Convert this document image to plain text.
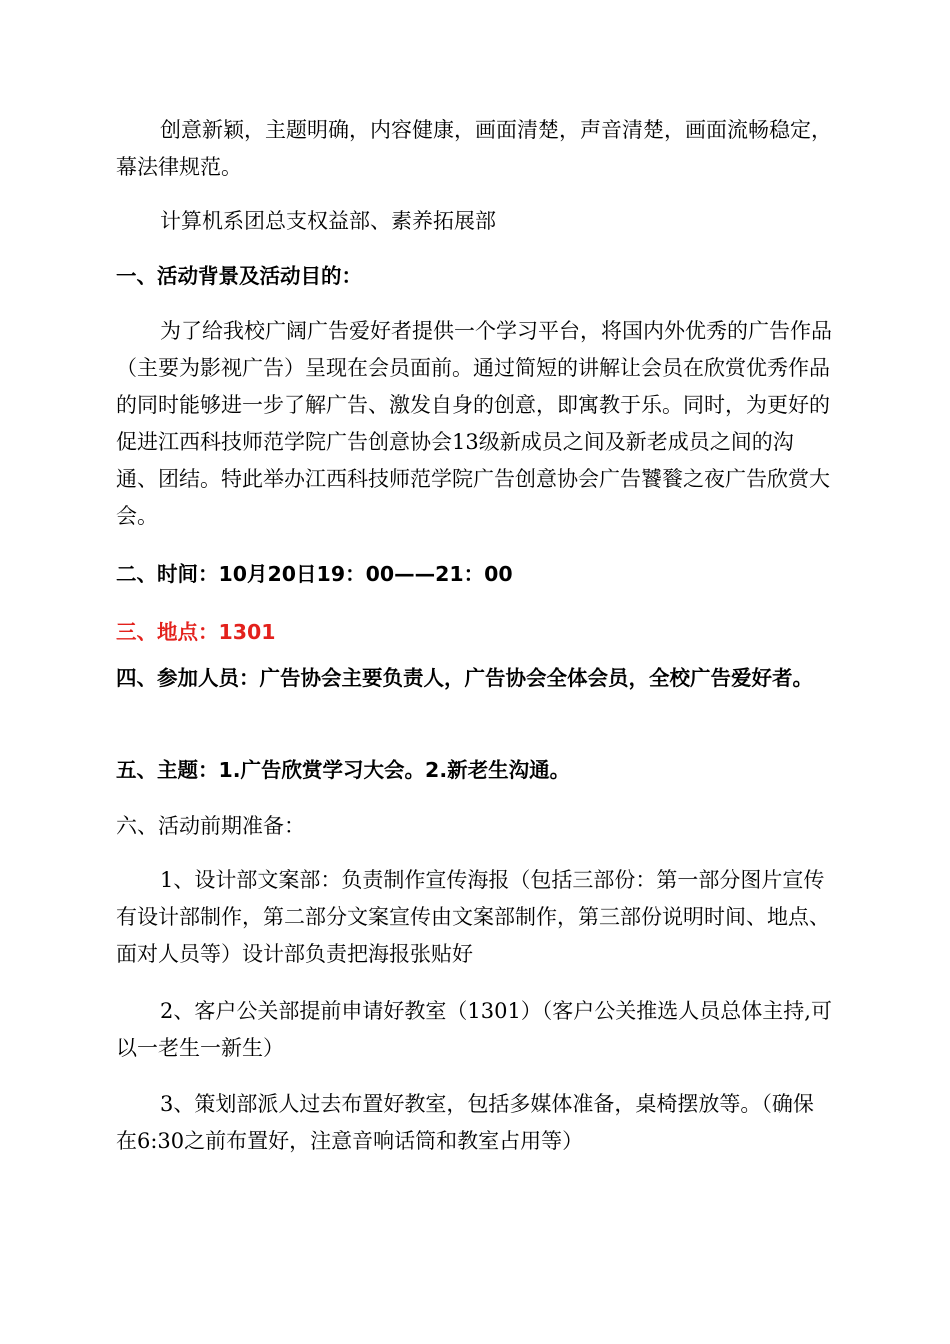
创意新颖，主题明确，内容健康，画面清楚，声音清楚，画面流畅稳定，幕法律规范。

计算机系团总支权益部、素养拓展部

一、活动背景及活动目的：

为了给我校广阔广告爱好者提供一个学习平台，将国内外优秀的广告作品（主要为影视广告）呈现在会员面前。通过简短的讲解让会员在欣赏优秀作品的同时能够进一步了解广告、激发自身的创意，即寓教于乐。同时，为更好的促进江西科技师范学院广告创意协会13级新成员之间及新老成员之间的沟通、团结。特此举办江西科技师范学院广告创意协会广告饕餮之夜广告欣赏大会。

二、时间：10月20日19：00——21：00

三、地点：1301

四、参加人员：广告协会主要负责人，广告协会全体会员，全校广告爱好者。

五、主题：1.广告欣赏学习大会。2.新老生沟通。

六、活动前期准备：

1、设计部文案部：负责制作宣传海报（包括三部份：第一部分图片宣传有设计部制作，第二部分文案宣传由文案部制作，第三部份说明时间、地点、面对人员等）设计部负责把海报张贴好

2、客户公关部提前申请好教室（1301）（客户公关推选人员总体主持,可以一老生一新生）

3、策划部派人过去布置好教室，包括多媒体准备，桌椅摆放等。（确保在6:30之前布置好，注意音响话筒和教室占用等）
